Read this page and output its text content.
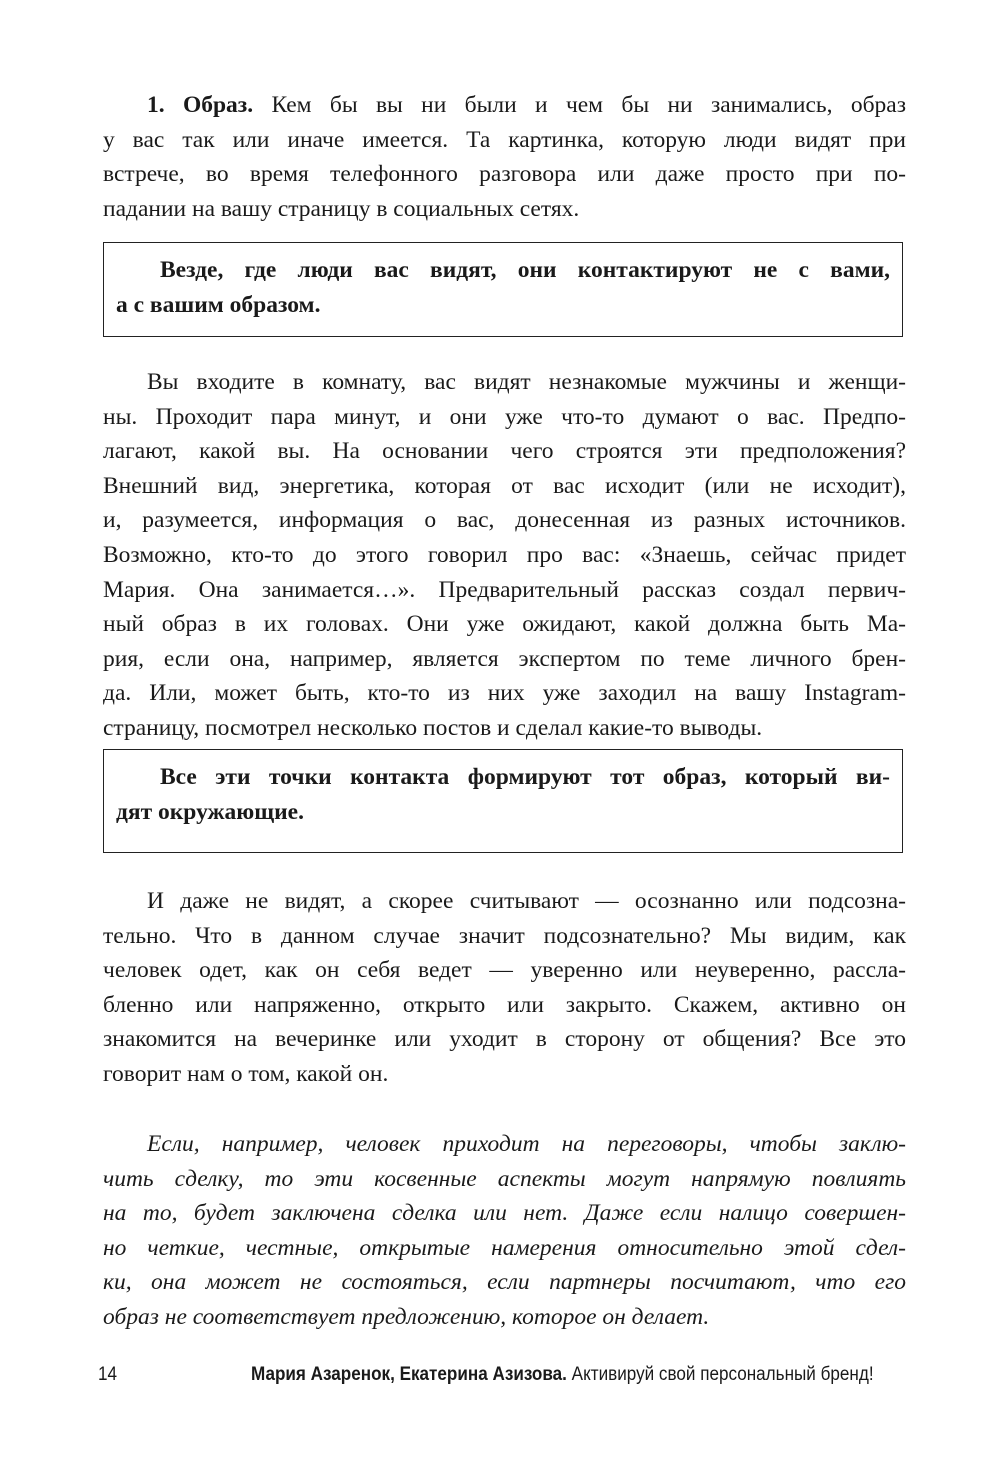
1. Образ. Кем бы вы ни были и чем бы ни занимались, образ
у вас так или иначе имеется. Та картинка, которую люди видят при
встрече, во время телефонного разговора или даже просто при по-
падании на вашу страницу в социальных сетях.
Везде, где люди вас видят, они контактируют не с вами,
а с вашим образом.
Вы входите в комнату, вас видят незнакомые мужчины и женщи-
ны. Проходит пара минут, и они уже что-то думают о вас. Предпо-
лагают, какой вы. На основании чего строятся эти предположения?
Внешний вид, энергетика, которая от вас исходит (или не исходит),
и, разумеется, информация о вас, донесенная из разных источников.
Возможно, кто-то до этого говорил про вас: «Знаешь, сейчас придет
Мария. Она занимается…». Предварительный рассказ создал первич-
ный образ в их головах. Они уже ожидают, какой должна быть Ма-
рия, если она, например, является экспертом по теме личного брен-
да. Или, может быть, кто-то из них уже заходил на вашу Instagram-
страницу, посмотрел несколько постов и сделал какие-то выводы.
Все эти точки контакта формируют тот образ, который ви-
дят окружающие.
И даже не видят, а скорее считывают — осознанно или подсозна-
тельно. Что в данном случае значит подсознательно? Мы видим, как
человек одет, как он себя ведет — уверенно или неуверенно, рассла-
бленно или напряженно, открыто или закрыто. Скажем, активно он
знакомится на вечеринке или уходит в сторону от общения? Все это
говорит нам о том, какой он.
Если, например, человек приходит на переговоры, чтобы заклю-
чить сделку, то эти косвенные аспекты могут напрямую повлиять
на то, будет заключена сделка или нет. Даже если налицо совершен-
но четкие, честные, открытые намерения относительно этой сдел-
ки, она может не состояться, если партнеры посчитают, что его
образ не соответствует предложению, которое он делает.
14	Мария Азаренок, Екатерина Азизова. Активируй свой персональный бренд!
